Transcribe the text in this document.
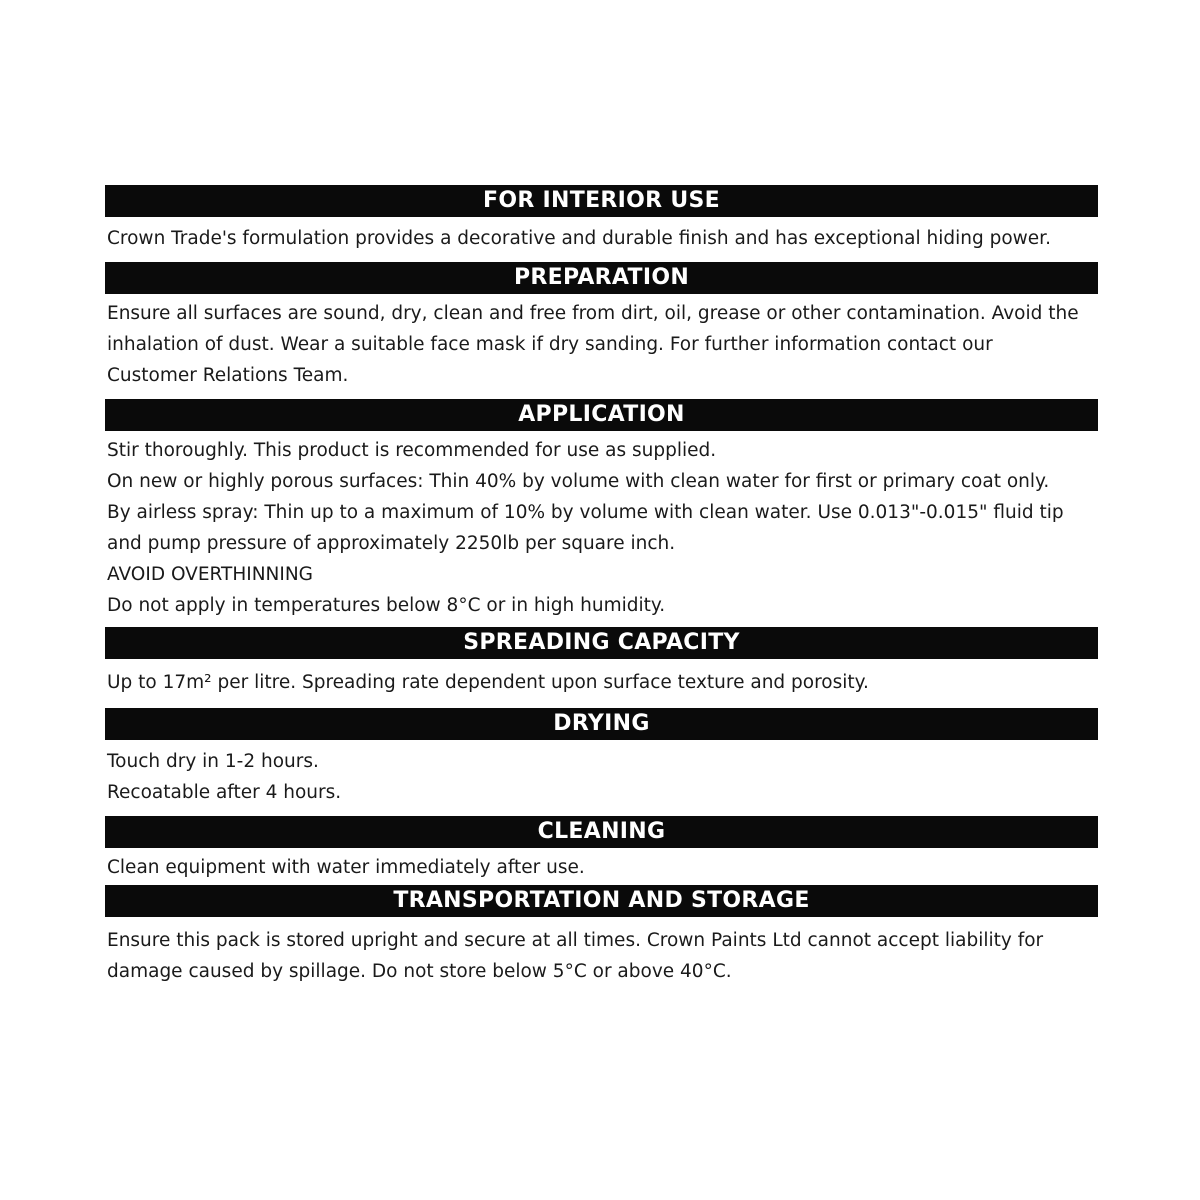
FOR INTERIOR USE
Crown Trade's formulation provides a decorative and durable finish and has exceptional hiding power.
PREPARATION
Ensure all surfaces are sound, dry, clean and free from dirt, oil, grease or other contamination. Avoid the
inhalation of dust. Wear a suitable face mask if dry sanding. For further information contact our
Customer Relations Team.
APPLICATION
Stir thoroughly. This product is recommended for use as supplied.
On new or highly porous surfaces: Thin 40% by volume with clean water for first or primary coat only.
By airless spray: Thin up to a maximum of 10% by volume with clean water. Use 0.013"-0.015" fluid tip
and pump pressure of approximately 2250lb per square inch.
AVOID OVERTHINNING
Do not apply in temperatures below 8°C or in high humidity.
SPREADING CAPACITY
Up to 17m² per litre. Spreading rate dependent upon surface texture and porosity.
DRYING
Touch dry in 1-2 hours.
Recoatable after 4 hours.
CLEANING
Clean equipment with water immediately after use.
TRANSPORTATION AND STORAGE
Ensure this pack is stored upright and secure at all times. Crown Paints Ltd cannot accept liability for
damage caused by spillage. Do not store below 5°C or above 40°C.
